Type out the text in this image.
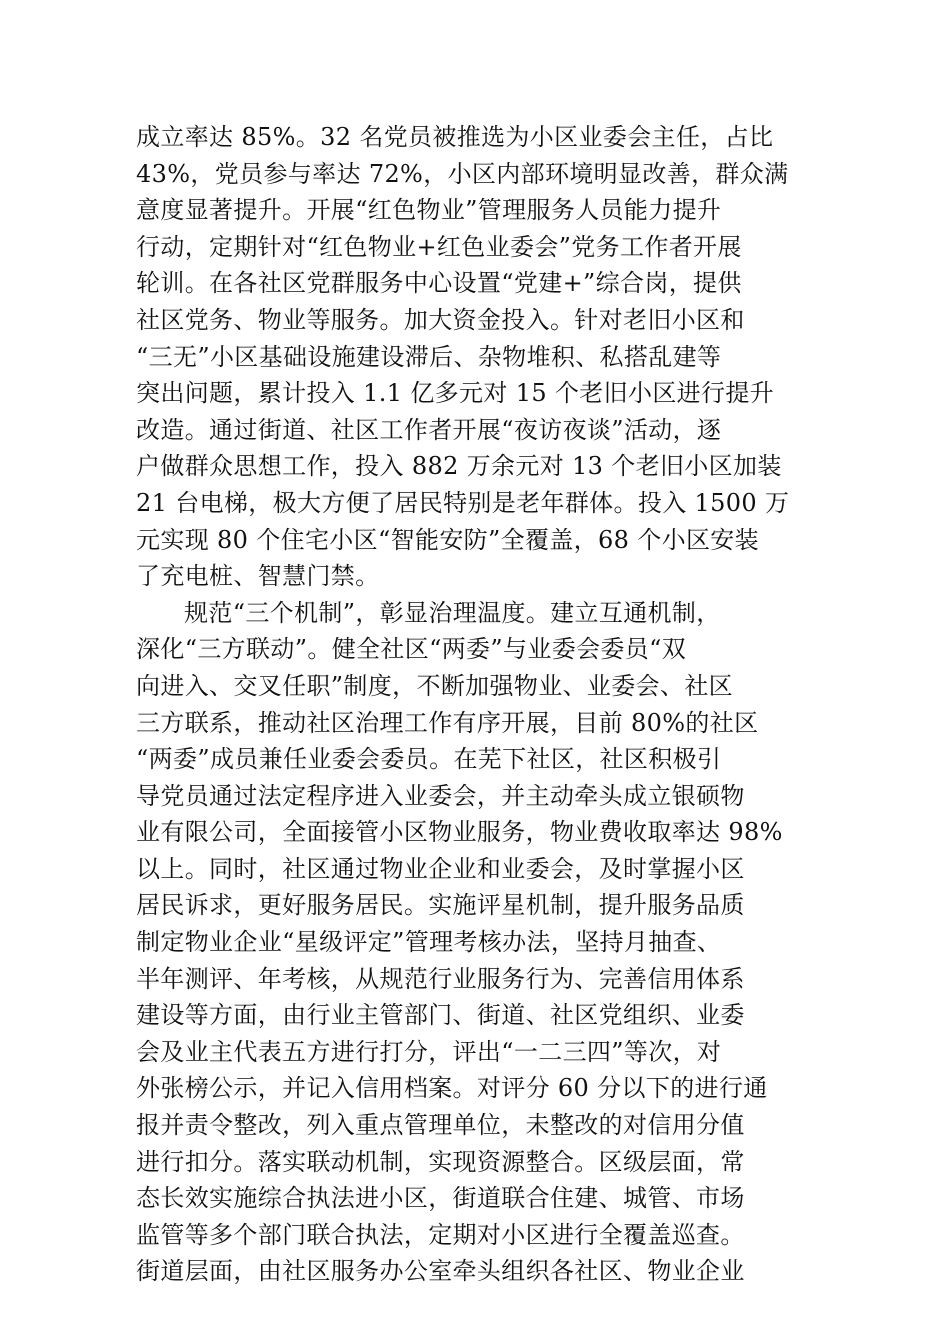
成立率达 85%。32 名党员被推选为小区业委会主任，占比
43%，党员参与率达 72%，小区内部环境明显改善，群众满
意度显著提升。开展“红色物业”管理服务人员能力提升
行动，定期针对“红色物业+红色业委会”党务工作者开展
轮训。在各社区党群服务中心设置“党建+”综合岗，提供
社区党务、物业等服务。加大资金投入。针对老旧小区和
“三无”小区基础设施建设滞后、杂物堆积、私搭乱建等
突出问题，累计投入 1.1 亿多元对 15 个老旧小区进行提升
改造。通过街道、社区工作者开展“夜访夜谈”活动，逐
户做群众思想工作，投入 882 万余元对 13 个老旧小区加装
21 台电梯，极大方便了居民特别是老年群体。投入 1500 万
元实现 80 个住宅小区“智能安防”全覆盖，68 个小区安装
了充电桩、智慧门禁。
规范“三个机制”，彰显治理温度。建立互通机制，
深化“三方联动”。健全社区“两委”与业委会委员“双
向进入、交叉任职”制度，不断加强物业、业委会、社区
三方联系，推动社区治理工作有序开展，目前 80%的社区
“两委”成员兼任业委会委员。在芜下社区，社区积极引
导党员通过法定程序进入业委会，并主动牵头成立银硕物
业有限公司，全面接管小区物业服务，物业费收取率达 98%
以上。同时，社区通过物业企业和业委会，及时掌握小区
居民诉求，更好服务居民。实施评星机制，提升服务品质
制定物业企业“星级评定”管理考核办法，坚持月抽查、
半年测评、年考核，从规范行业服务行为、完善信用体系
建设等方面，由行业主管部门、街道、社区党组织、业委
会及业主代表五方进行打分，评出“一二三四”等次，对
外张榜公示，并记入信用档案。对评分 60 分以下的进行通
报并责令整改，列入重点管理单位，未整改的对信用分值
进行扣分。落实联动机制，实现资源整合。区级层面，常
态长效实施综合执法进小区，街道联合住建、城管、市场
监管等多个部门联合执法，定期对小区进行全覆盖巡查。
街道层面，由社区服务办公室牵头组织各社区、物业企业
